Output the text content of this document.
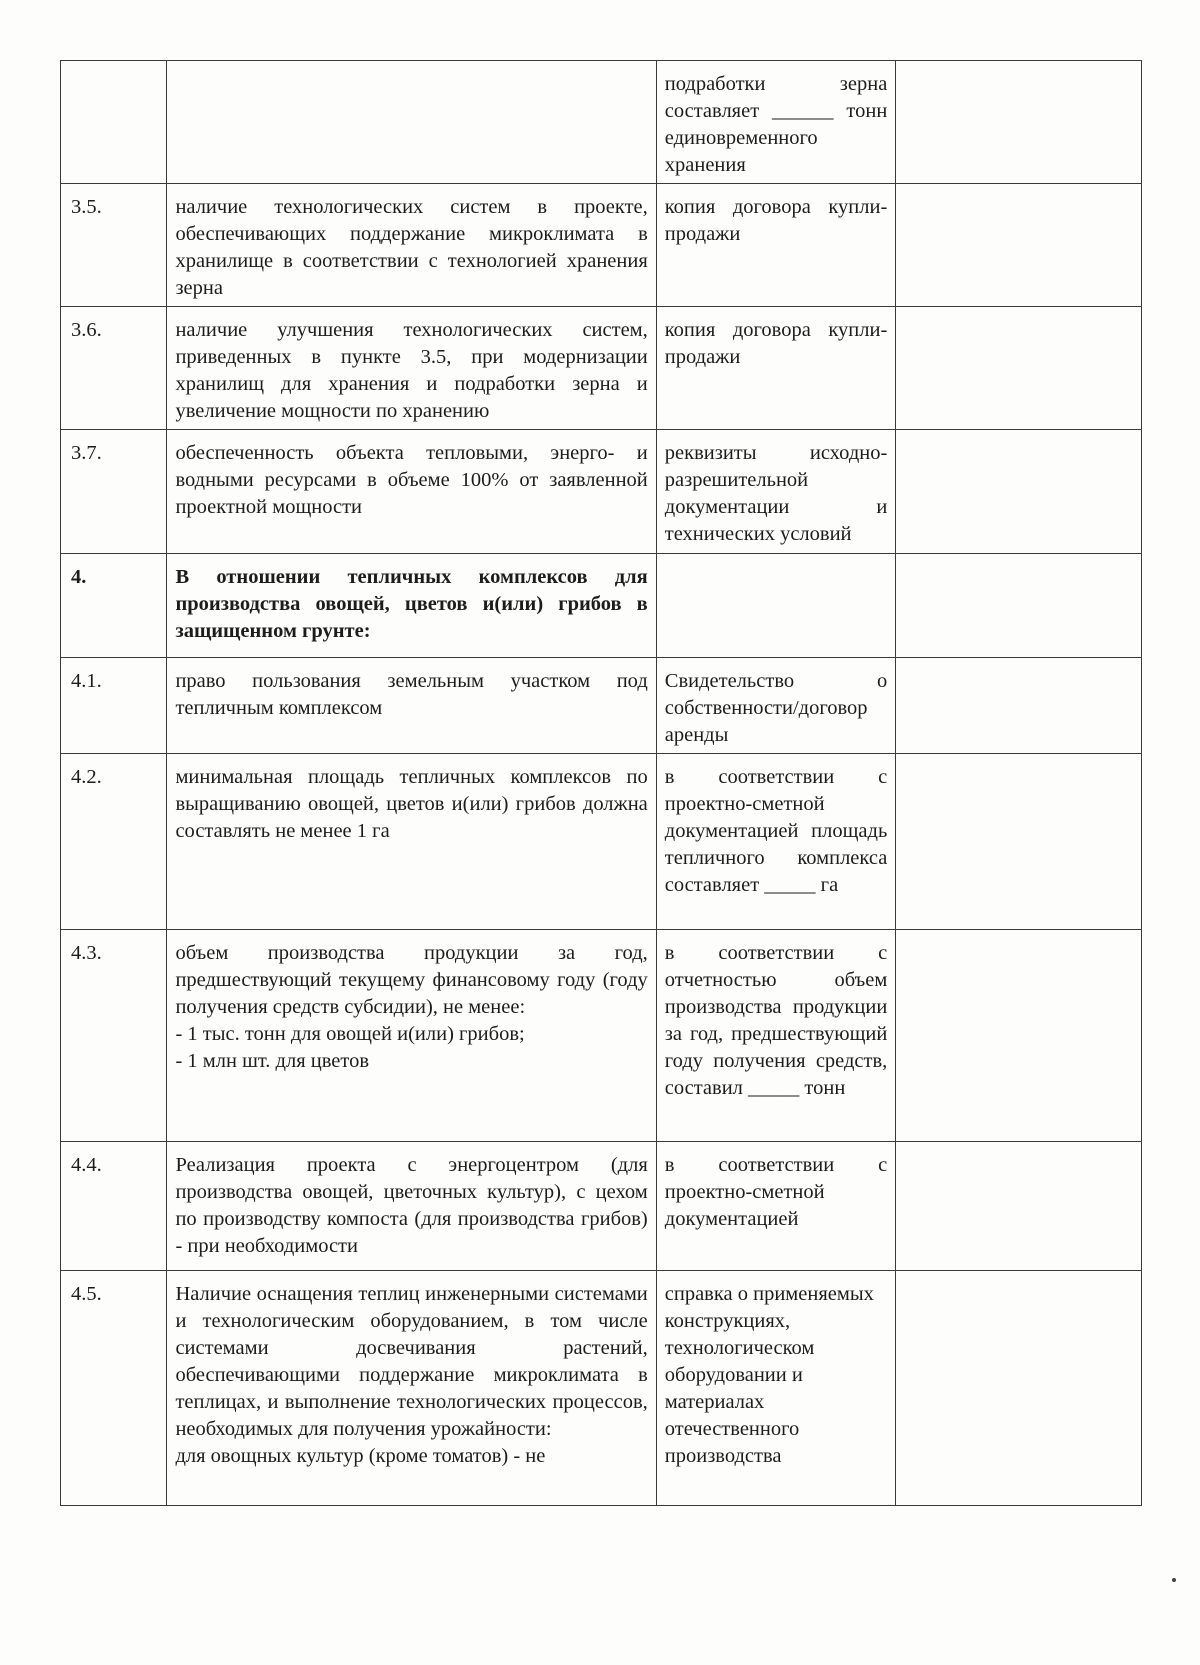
		подработки зерна составляет ______ тонн единовременного хранения	
3.5.	наличие технологических систем в проекте, обеспечивающих поддержание микроклимата в хранилище в соответствии с технологией хранения зерна	копия договора купли-продажи	
3.6.	наличие улучшения технологических систем, приведенных в пункте 3.5, при модернизации хранилищ для хранения и подработки зерна и увеличение мощности по хранению	копия договора купли-продажи	
3.7.	обеспеченность объекта тепловыми, энерго- и водными ресурсами в объеме 100% от заявленной проектной мощности	реквизиты исходно-разрешительной документации и технических условий	
4.	В отношении тепличных комплексов для производства овощей, цветов и(или) грибов в защищенном грунте:		
4.1.	право пользования земельным участком под тепличным комплексом	Свидетельство о собственности/договор аренды	
4.2.	минимальная площадь тепличных комплексов по выращиванию овощей, цветов и(или) грибов должна составлять не менее 1 га	в соответствии с проектно-сметной документацией площадь тепличного комплекса составляет _____ га	
4.3.	объем производства продукции за год, предшествующий текущему финансовому году (году получения средств субсидии), не менее:
- 1 тыс. тонн для овощей и(или) грибов;
- 1 млн шт. для цветов	в соответствии с отчетностью объем производства продукции за год, предшествующий году получения средств, составил _____ тонн	
4.4.	Реализация проекта с энергоцентром (для производства овощей, цветочных культур), с цехом по производству компоста (для производства грибов) - при необходимости	в соответствии с проектно-сметной документацией	
4.5.	Наличие оснащения теплиц инженерными системами и технологическим оборудованием, в том числе системами досвечивания растений, обеспечивающими поддержание микроклимата в теплицах, и выполнение технологических процессов, необходимых для получения урожайности:
для овощных культур (кроме томатов) - не	справка о применяемых конструкциях, технологическом оборудовании и материалах отечественного производства	
